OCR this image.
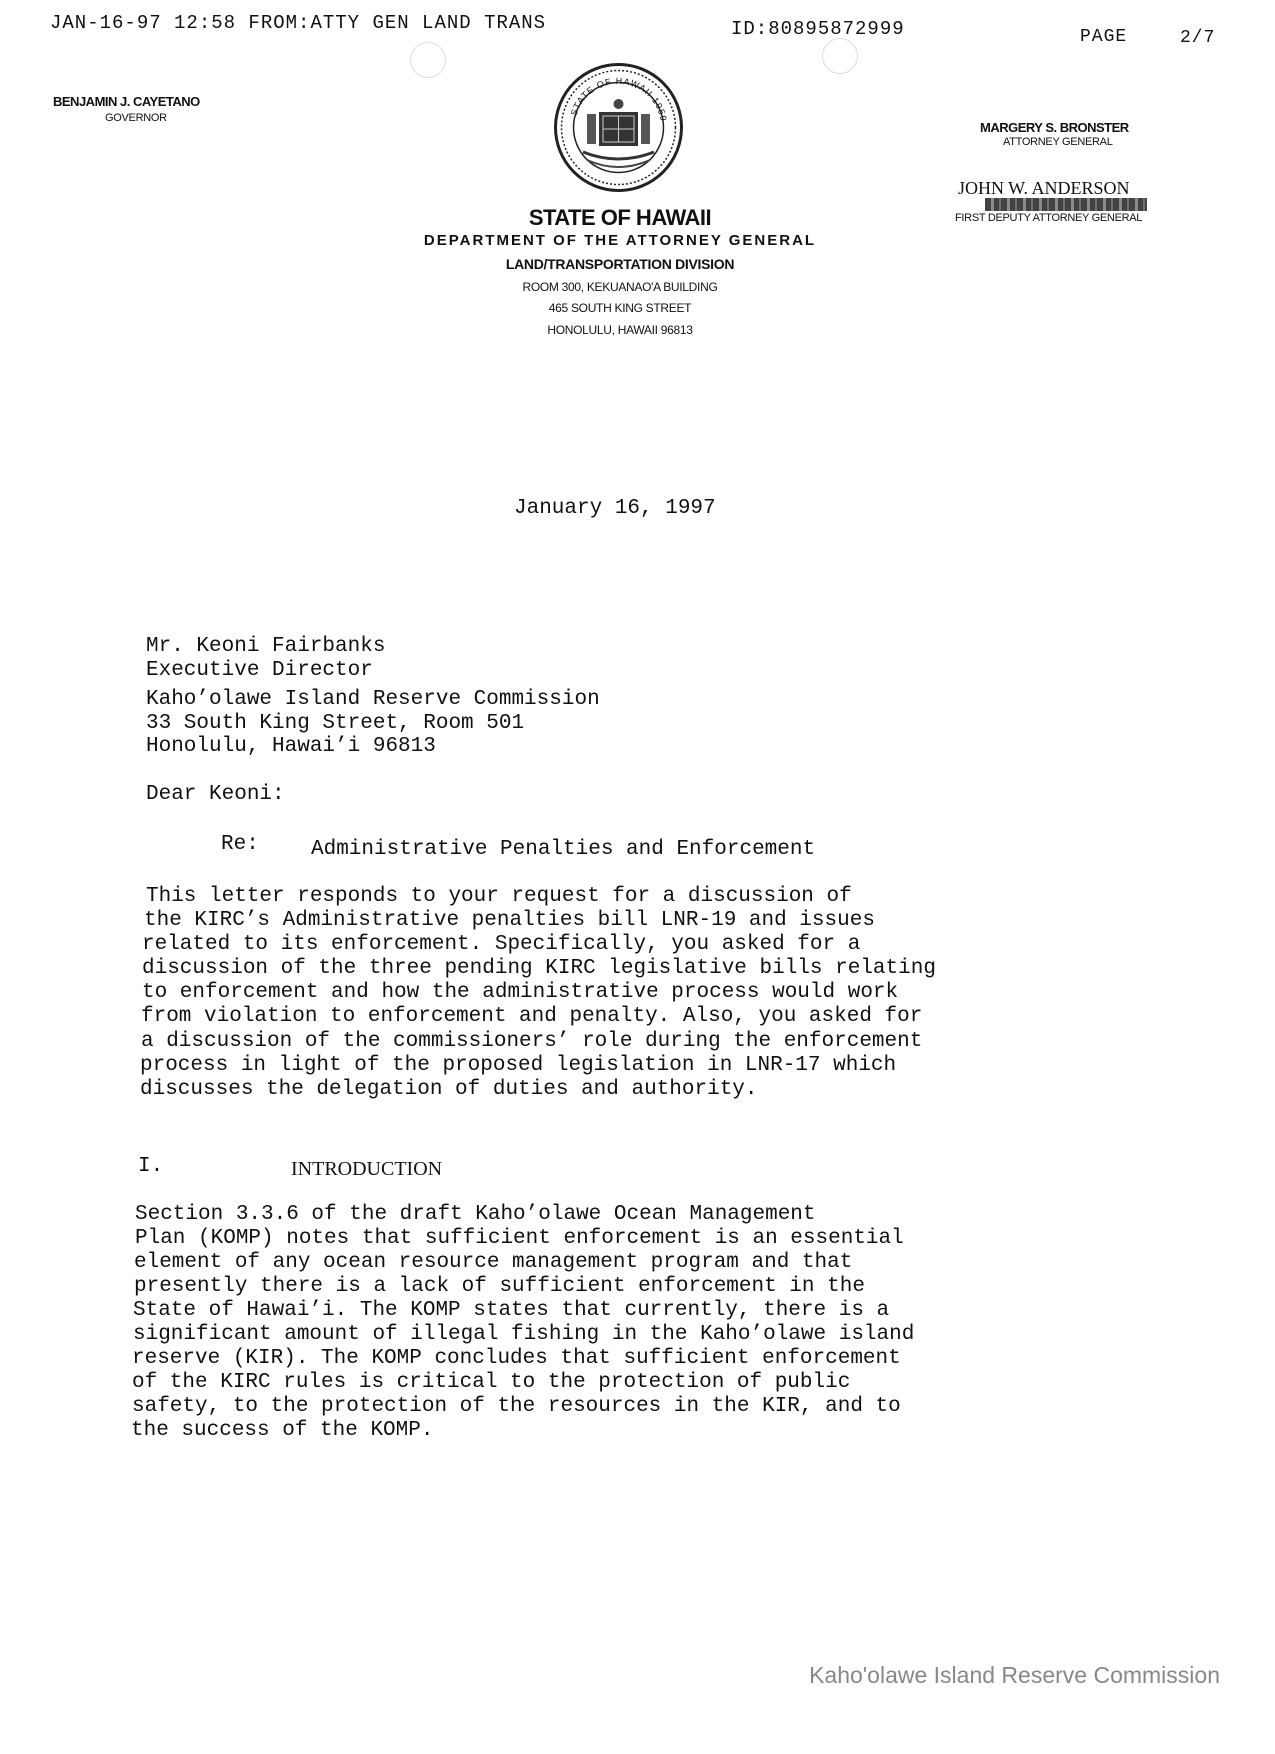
JAN-16-97 12:58 FROM:ATTY GEN LAND TRANS	ID:80895872999	PAGE	2/7
BENJAMIN J. CAYETANO
GOVERNOR
MARGERY S. BRONSTER
ATTORNEY GENERAL
JOHN W. ANDERSON
FIRST DEPUTY ATTORNEY GENERAL
STATE OF HAWAII 1959
STATE OF HAWAII
DEPARTMENT OF THE ATTORNEY GENERAL
LAND/TRANSPORTATION DIVISION
ROOM 300, KEKUANAO'A BUILDING
465 SOUTH KING STREET
HONOLULU, HAWAII 96813
January 16, 1997
Mr. Keoni Fairbanks
Executive Director
Kaho’olawe Island Reserve Commission
33 South King Street, Room 501
Honolulu, Hawai’i 96813
Dear Keoni:
Re: Administrative Penalties and Enforcement
This letter responds to your request for a discussion of
the KIRC’s Administrative penalties bill LNR-19 and issues
related to its enforcement. Specifically, you asked for a
discussion of the three pending KIRC legislative bills relating
to enforcement and how the administrative process would work
from violation to enforcement and penalty. Also, you asked for
a discussion of the commissioners’ role during the enforcement
process in light of the proposed legislation in LNR-17 which
discusses the delegation of duties and authority.
I.	INTRODUCTION
Section 3.3.6 of the draft Kaho’olawe Ocean Management
Plan (KOMP) notes that sufficient enforcement is an essential
element of any ocean resource management program and that
presently there is a lack of sufficient enforcement in the
State of Hawai’i. The KOMP states that currently, there is a
significant amount of illegal fishing in the Kaho’olawe island
reserve (KIR). The KOMP concludes that sufficient enforcement
of the KIRC rules is critical to the protection of public
safety, to the protection of the resources in the KIR, and to
the success of the KOMP.
Kaho'olawe Island Reserve Commission
